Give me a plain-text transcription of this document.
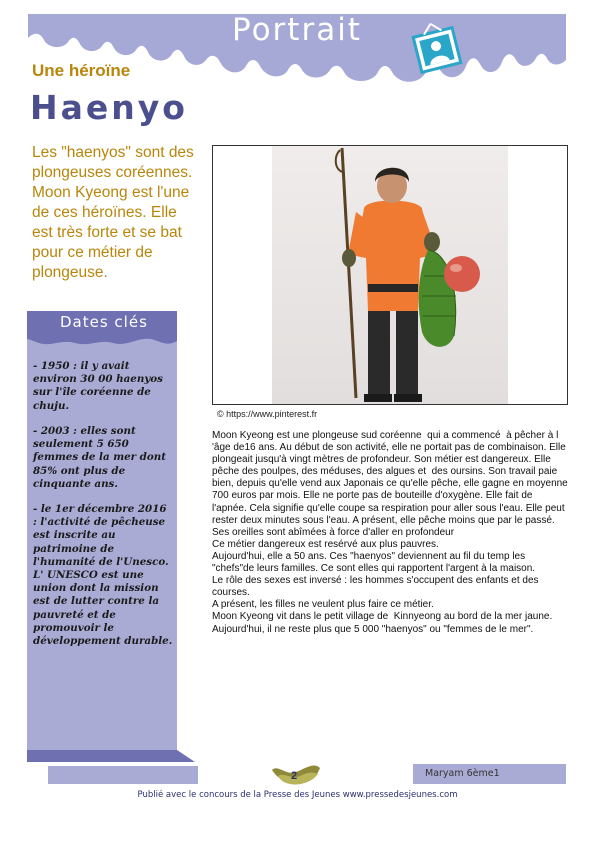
Portrait
Une héroïne
Haenyo
Les "haenyos" sont des plongeuses coréennes. Moon Kyeong est l'une de ces héroïnes. Elle est très forte et se bat pour ce métier de plongeuse.
Dates clés
- 1950 : il y avait environ 30 00 haenyos sur l'île coréenne de chuju.
- 2003 : elles sont seulement 5 650 femmes de la mer dont 85% ont plus de cinquante ans.
- le 1er décembre 2016 : l'activité de pêcheuse est inscrite au patrimoine de l'humanité de l'Unesco.
L' UNESCO est une union dont la mission est de lutter contre la pauvreté et de promouvoir le développement durable.
© https://www.pinterest.fr
Moon Kyeong est une plongeuse sud coréenne  qui a commencé  à pêcher à l 'âge de16 ans. Au début de son activité, elle ne portait pas de combinaison. Elle plongeait jusqu'à vingt mètres de profondeur. Son métier est dangereux. Elle pêche des poulpes, des méduses, des algues et  des oursins. Son travail paie bien, depuis qu'elle vend aux Japonais ce qu'elle pêche, elle gagne en moyenne 700 euros par mois. Elle ne porte pas de bouteille d'oxygène. Elle fait de l'apnée. Cela signifie qu'elle coupe sa respiration pour aller sous l'eau. Elle peut rester deux minutes sous l'eau. A présent, elle pêche moins que par le passé.  Ses oreilles sont abîmées à force d'aller en profondeur
Ce métier dangereux est resérvé aux plus pauvres.
Aujourd'hui, elle a 50 ans. Ces "haenyos" deviennent au fil du temp les "chefs"de leurs familles. Ce sont elles qui rapportent l'argent à la maison.
Le rôle des sexes est inversé : les hommes s'occupent des enfants et des courses.
A présent, les filles ne veulent plus faire ce métier.
Moon Kyeong vit dans le petit village de  Kinnyeong au bord de la mer jaune.
Aujourd'hui, il ne reste plus que 5 000 "haenyos" ou "femmes de le mer".
2	Maryam 6ème1
Publié avec le concours de la Presse des Jeunes www.pressedesjeunes.com
